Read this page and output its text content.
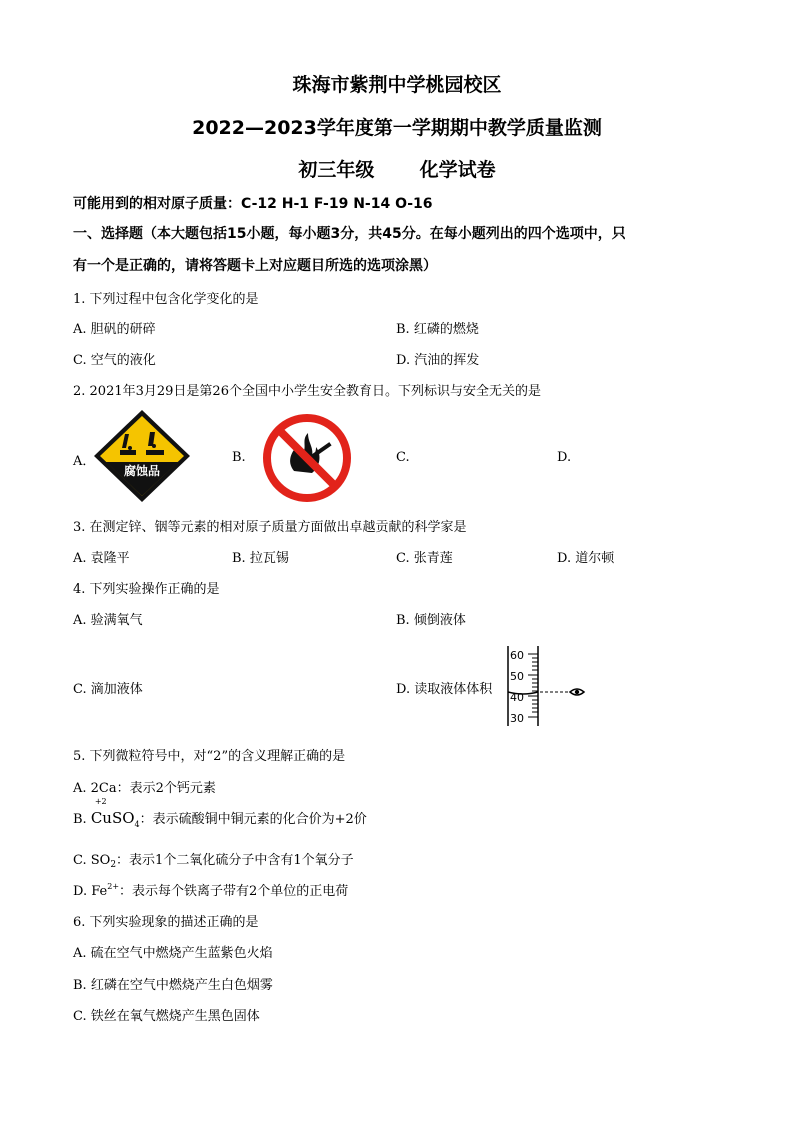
珠海市紫荆中学桃园校区
2022—2023学年度第一学期期中教学质量监测
初三年级 化学试卷
可能用到的相对原子质量：C-12 H-1 F-19 N-14 O-16
一、选择题（本大题包括15小题，每小题3分，共45分。在每小题列出的四个选项中，只
有一个是正确的，请将答题卡上对应题目所选的选项涂黑）
1. 下列过程中包含化学变化的是
A. 胆矾的研碎	B. 红磷的燃烧
C. 空气的液化	D. 汽油的挥发
2. 2021年3月29日是第26个全国中小学生安全教育日。下列标识与安全无关的是
A．	B.	C.	D.
腐蚀品
3. 在测定锌、铟等元素的相对原子质量方面做出卓越贡献的科学家是
A. 袁隆平	B. 拉瓦锡	C. 张青莲	D. 道尔顿
4. 下列实验操作正确的是
A. 验满氧气	B. 倾倒液体
C. 滴加液体	D. 读取液体体积
60
50
40
30
5. 下列微粒符号中，对“2”的含义理解正确的是
A. 2Ca：表示2个钙元素
B.
+2
CuSO$_4$：表示硫酸铜中铜元素的化合价为+2价
C. $SO_2$：表示1个二氧化硫分子中含有1个氧分子
D. $Fe^{2+}$：表示每个铁离子带有2个单位的正电荷
6. 下列实验现象的描述正确的是
A. 硫在空气中燃烧产生蓝紫色火焰
B. 红磷在空气中燃烧产生白色烟雾
C. 铁丝在氧气燃烧产生黑色固体
